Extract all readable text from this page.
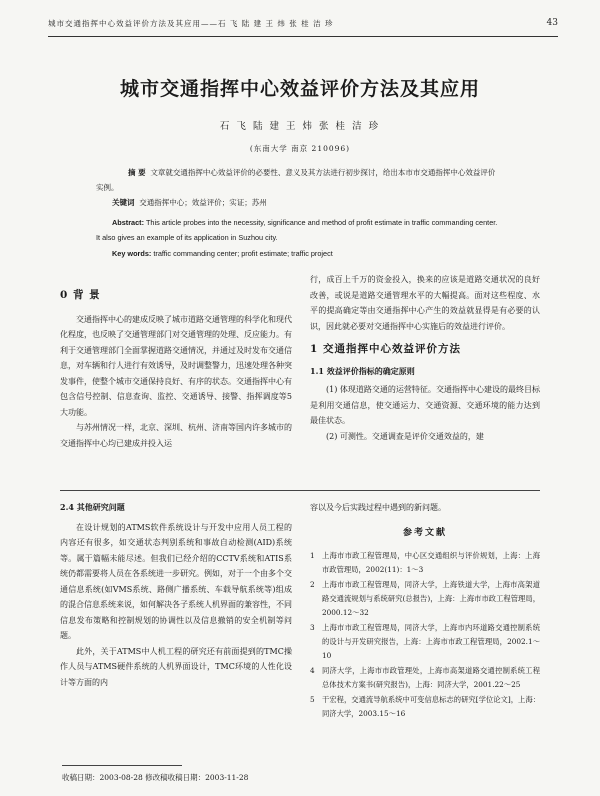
城市交通指挥中心效益评价方法及其应用——石 飞 陆 建 王 炜 张 桂 洁 珍	43
城市交通指挥中心效益评价方法及其应用
石 飞 陆 建 王 炜 张 桂 洁 珍
(东南大学 南京 210096)
摘 要 文章就交通指挥中心效益评价的必要性、意义及其方法进行初步探讨，给出本市市交通指挥中心效益评价实例。
关键词 交通指挥中心；效益评价；实证；苏州
Abstract: This article probes into the necessity, significance and method of profit estimate in traffic commanding center. It also gives an example of its application in Suzhou city.
Key words: traffic commanding center; profit estimate; traffic project
0 背 景

交通指挥中心的建成反映了城市道路交通管理的科学化和现代化程度，也反映了交通管理部门对交通管理的处理、反应能力。有利于交通管理部门全面掌握道路交通情况，并通过及时发布交通信息，对车辆和行人进行有效诱导，及时调整警力，迅速处理各种突发事件，使整个城市交通保持良好、有序的状态。交通指挥中心有包含信号控制、信息查询、监控、交通诱导、接警、指挥调度等5大功能。

与苏州情况一样，北京、深圳、杭州、济南等国内许多城市的交通指挥中心均已建成并投入运

行，成百上千万的资金投入，换来的应该是道路交通状况的良好改善，或说是道路交通管理水平的大幅提高。面对这些程度、水平的提高确定等由交通指挥中心产生的效益就显得是有必要的认识，因此就必要对交通指挥中心实施后的效益进行评价。

1 交通指挥中心效益评价方法
1.1 效益评价指标的确定原则

(1) 体现道路交通的运营特征。交通指挥中心建设的最终目标是利用交通信息，使交通运力、交通资源、交通环境的能力达到最佳状态。

(2) 可测性。交通调查是评价交通效益的，建

2.4 其他研究问题

在设计规划的ATMS软件系统设计与开发中应用人员工程的内容还有很多，如交通状态判别系统和事故自动检测(AID)系统等。属于篇幅未能尽述。但我们已经介绍的CCTV系统和ATIS系统仍都需要将人员在各系统进一步研究。例如，对于一个由多个交通信息系统(如VMS系统、路侧广播系统、车载导航系统等)组成的混合信息系统来说，如何解决各子系统人机界面的兼容性，不同信息发布策略和控制规划的协调性以及信息撤销的安全机制等问题。

此外，关于ATMS中人机工程的研究还有前面提到的TMC操作人员与ATMS硬件系统的人机界面设计，TMC环境的人性化设计等方面的内

容以及今后实践过程中遇到的新问题。

参考文献
1	上海市市政工程管理局，中心区交通组织与评价规划，上海：上海市政管理局，2002(11)：1～3
2	上海市市政工程管理局，同济大学，上海铁道大学，上海市高架道路交通流规划与系统研究(总报告)，上海：上海市市政工程管理局，2000.12～32
3	上海市市政工程管理局，同济大学，上海市内环道路交通控制系统的设计与开发研究报告，上海：上海市市政工程管理局，2002.1～10
4	同济大学，上海市市政管理处，上海市高架道路交通控制系统工程总体技术方案书(研究报告)，上海：同济大学，2001.22～25
5	干宏程，交通流导航系统中可变信息标志的研究[学位论文]，上海：同济大学，2003.15～16
收稿日期：2003-08-28 修改稿收稿日期：2003-11-28
